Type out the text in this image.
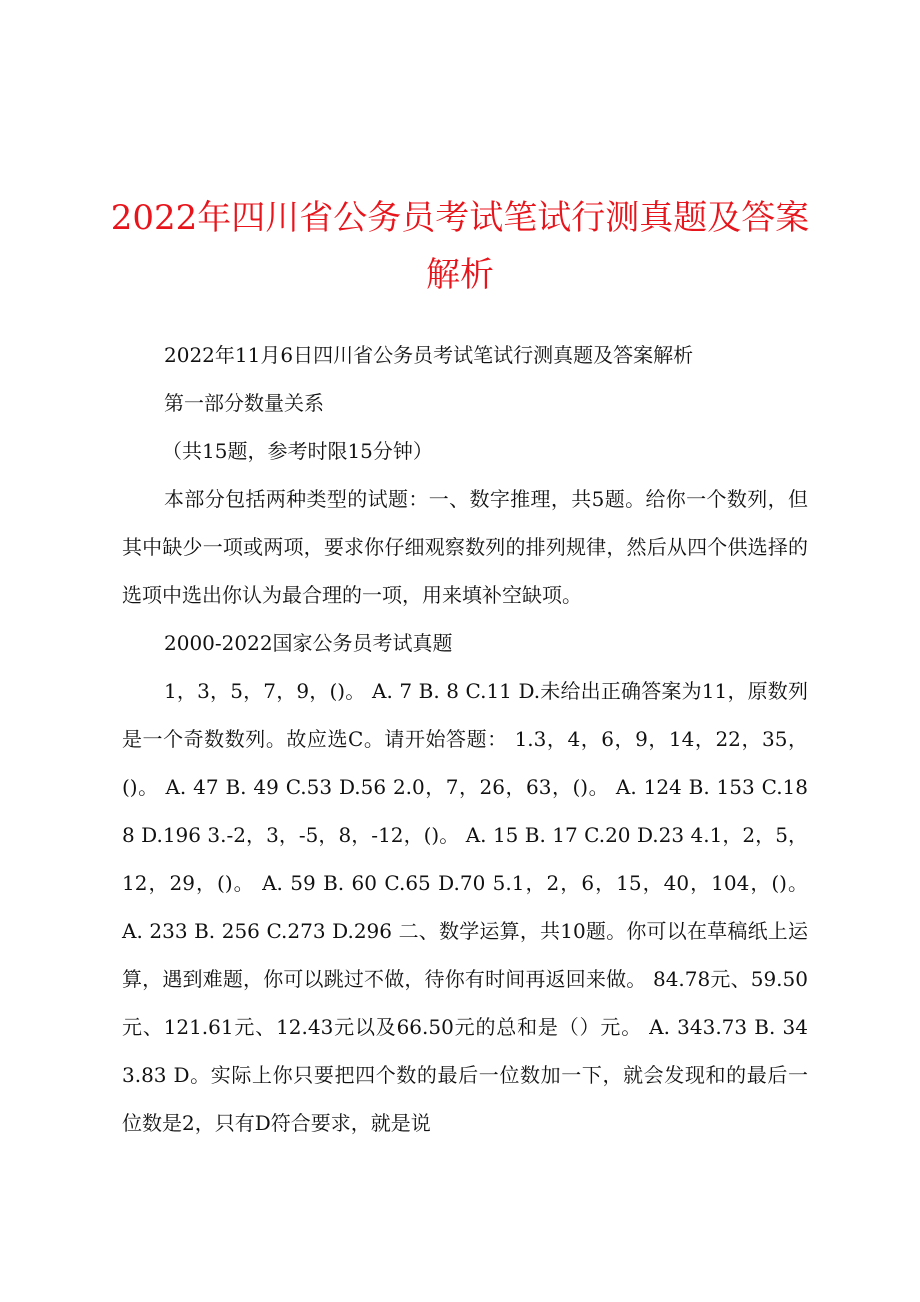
2022年四川省公务员考试笔试行测真题及答案解析

2022年11月6日四川省公务员考试笔试行测真题及答案解析

第一部分数量关系

（共15题，参考时限15分钟）

本部分包括两种类型的试题：一、数字推理，共5题。给你一个数列，但其中缺少一项或两项，要求你仔细观察数列的排列规律，然后从四个供选择的选项中选出你认为最合理的一项，用来填补空缺项。

2000-2022国家公务员考试真题

1，3，5，7，9，()。 A. 7 B. 8 C.11 D.未给出正确答案为11，原数列是一个奇数数列。故应选C。请开始答题： 1.3，4，6，9，14，22，35，()。 A. 47 B. 49 C.53 D.56 2.0，7，26，63，()。 A. 124 B. 153 C.188 D.196 3.-2，3，-5，8，-12，()。 A. 15 B. 17 C.20 D.23 4.1，2，5，12，29，()。 A. 59 B. 60 C.65 D.70 5.1，2，6，15，40，104，()。 A. 233 B. 256 C.273 D.296 二、数学运算，共10题。你可以在草稿纸上运算，遇到难题，你可以跳过不做，待你有时间再返回来做。 84.78元、59.50元、121.61元、12.43元以及66.50元的总和是（）元。 A. 343.73 B. 343.83 D。实际上你只要把四个数的最后一位数加一下，就会发现和的最后一位数是2，只有D符合要求，就是说
